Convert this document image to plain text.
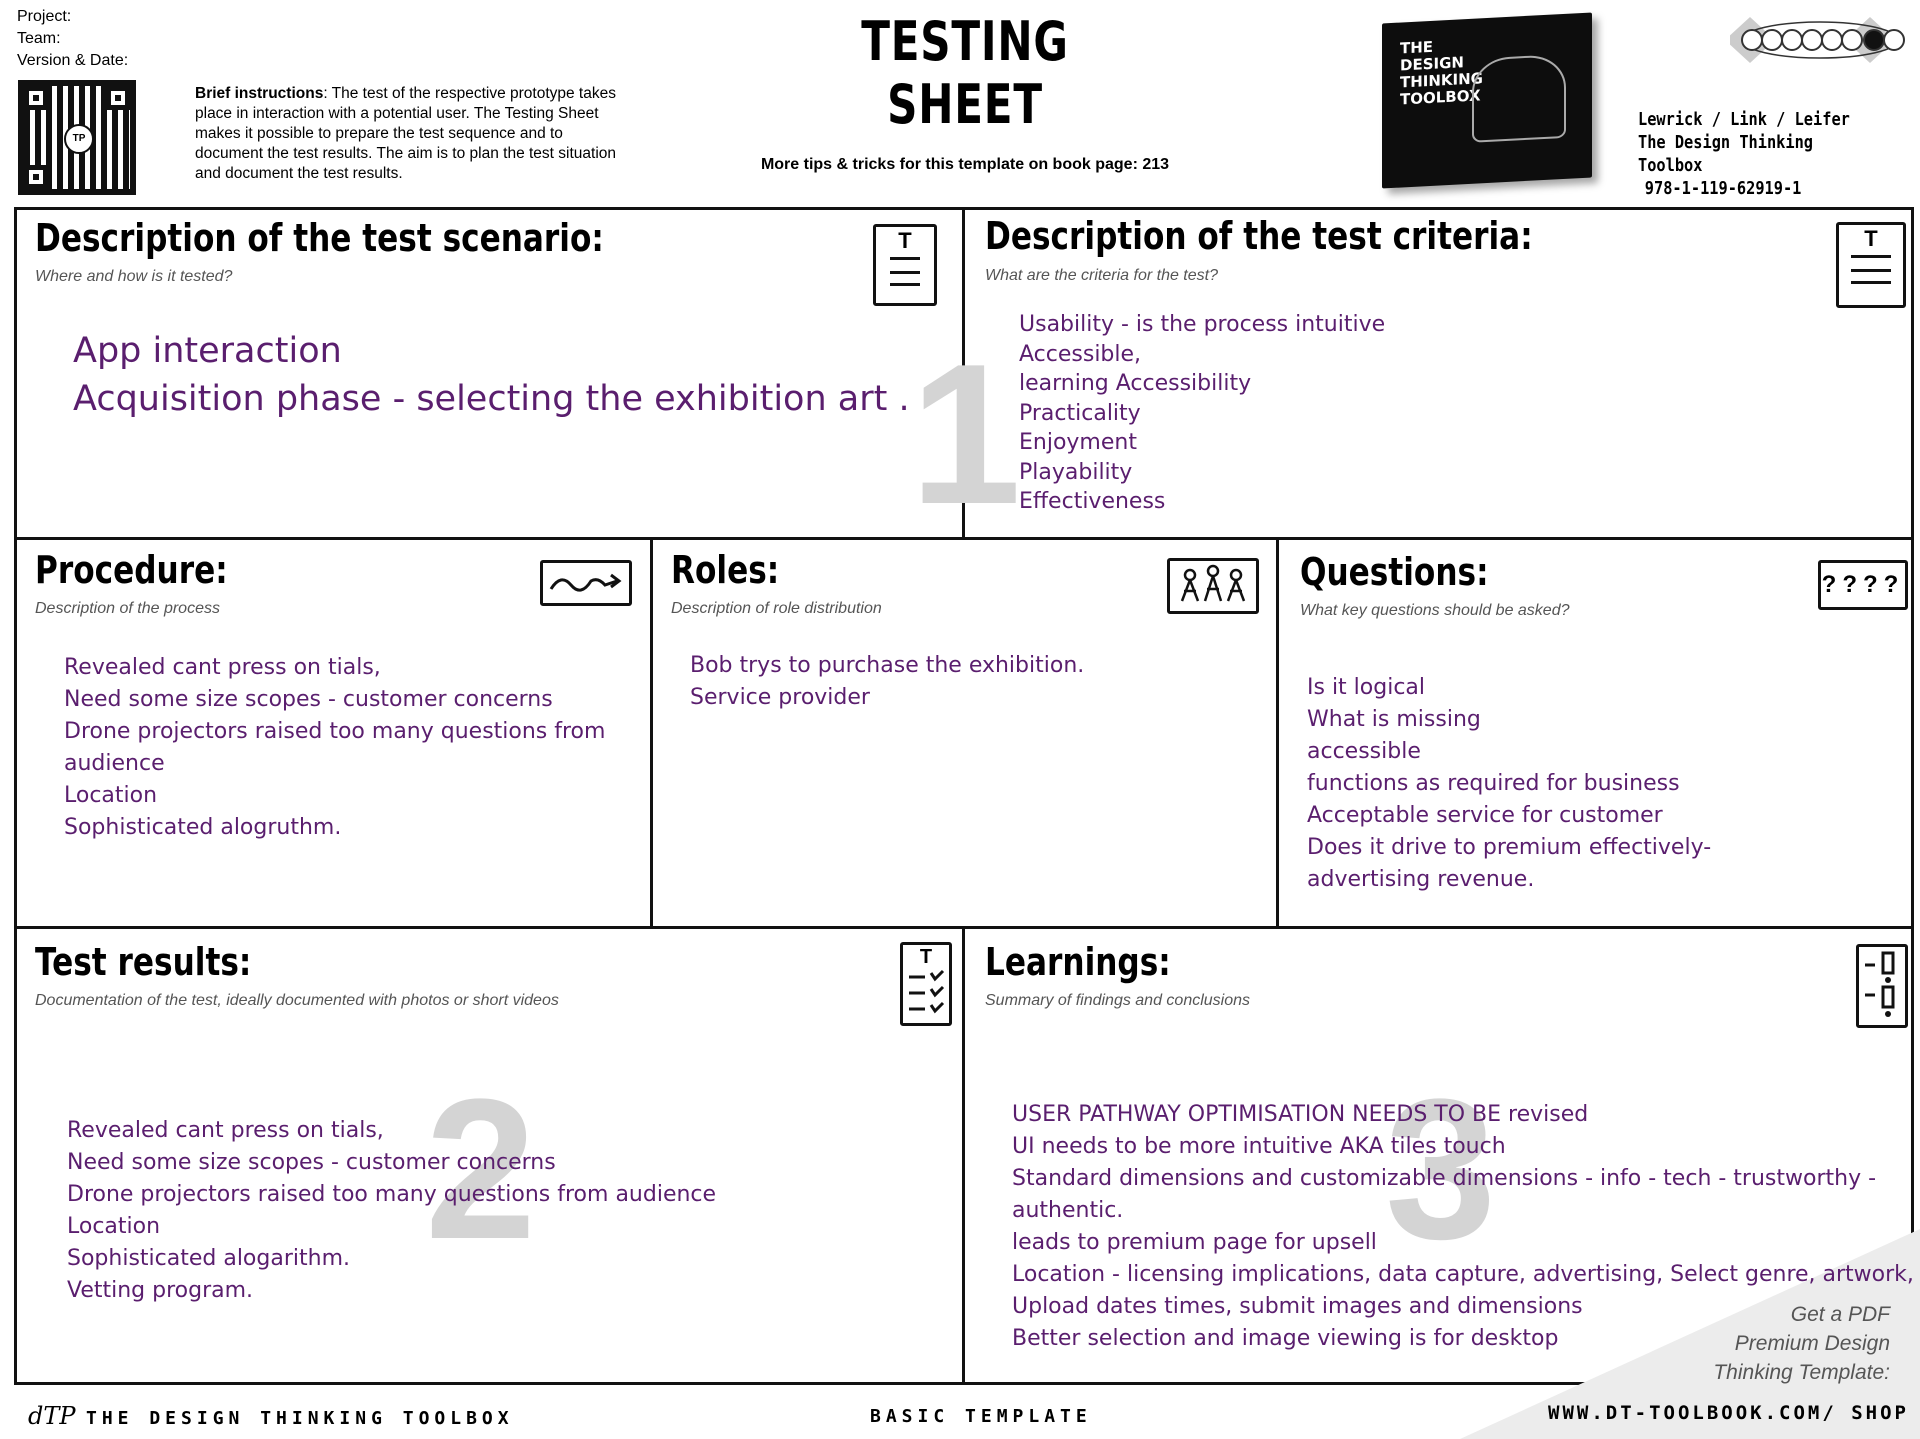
Project:
Team:
Version & Date:
TP
Brief instructions: The test of the respective prototype takes place in interaction with a potential user. The Testing Sheet makes it possible to prepare the test sequence and to document the test results. The aim is to plan the test situation and document the test results.
TESTING SHEET
More tips & tricks for this template on book page: 213
THE DESIGN THINKING TOOLBOX
Lewrick / Link / Leifer
The Design Thinking Toolbox
978-1-119-62919-1
1
2	3
Description of the test scenario:
Where and how is it tested?
T
App interaction
Acquisition phase - selecting the exhibition art .
Description of the test criteria:
What are the criteria for the test?
T
Usability - is the process intuitive
Accessible,
learning Accessibility
Practicality
Enjoyment
Playability
Effectiveness
Procedure:
Description of the process
Revealed cant press on tials,
Need some size scopes - customer concerns
Drone projectors raised too many questions from
audience
Location
Sophisticated alogruthm.
Roles:
Description of role distribution
Bob trys to purchase the exhibition.
Service provider
Questions:
What key questions should be asked?
????
Is it logical
What is missing
accessible
functions as required for business
Acceptable service for customer
Does it drive to premium effectively-
advertising revenue.
Test results:
Documentation of the test, ideally documented with photos or short videos
T
Revealed cant press on tials,
Need some size scopes - customer concerns
Drone projectors raised too many questions from audience
Location
Sophisticated alogarithm.
Vetting program.
Learnings:
Summary of findings and conclusions
USER PATHWAY OPTIMISATION NEEDS TO BE revised
UI needs to be more intuitive AKA tiles touch
Standard dimensions and customizable dimensions - info - tech - trustworthy -
authentic.
leads to premium page for upsell
Location - licensing implications, data capture, advertising, Select genre, artwork,
Upload dates times, submit images and dimensions
Better selection and image viewing is for desktop
Get a PDF
Premium Design
Thinking Template:
dTP THE DESIGN THINKING TOOLBOX	BASIC TEMPLATE	WWW.DT-TOOLBOOK.COM/ SHOP
